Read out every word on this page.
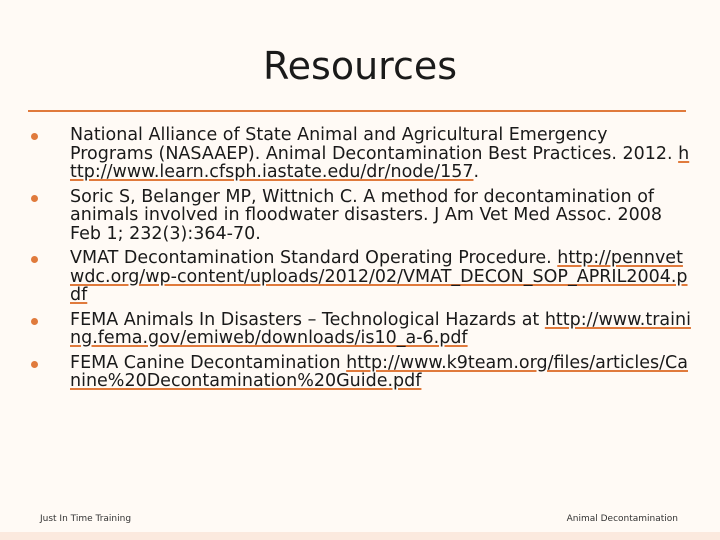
Resources
National Alliance of State Animal and Agricultural Emergency Programs (NASAAEP). Animal Decontamination Best Practices. 2012. http://www.learn.cfsph.iastate.edu/dr/node/157.
Soric S, Belanger MP, Wittnich C. A method for decontamination of animals involved in floodwater disasters. J Am Vet Med Assoc. 2008 Feb 1; 232(3):364-70.
VMAT Decontamination Standard Operating Procedure. http://pennvetwdc.org/wp-content/uploads/2012/02/VMAT_DECON_SOP_APRIL2004.pdf
FEMA Animals In Disasters – Technological Hazards at http://www.training.fema.gov/emiweb/downloads/is10_a-6.pdf
FEMA Canine Decontamination http://www.k9team.org/files/articles/Canine%20Decontamination%20Guide.pdf
Just In Time Training	Animal Decontamination
